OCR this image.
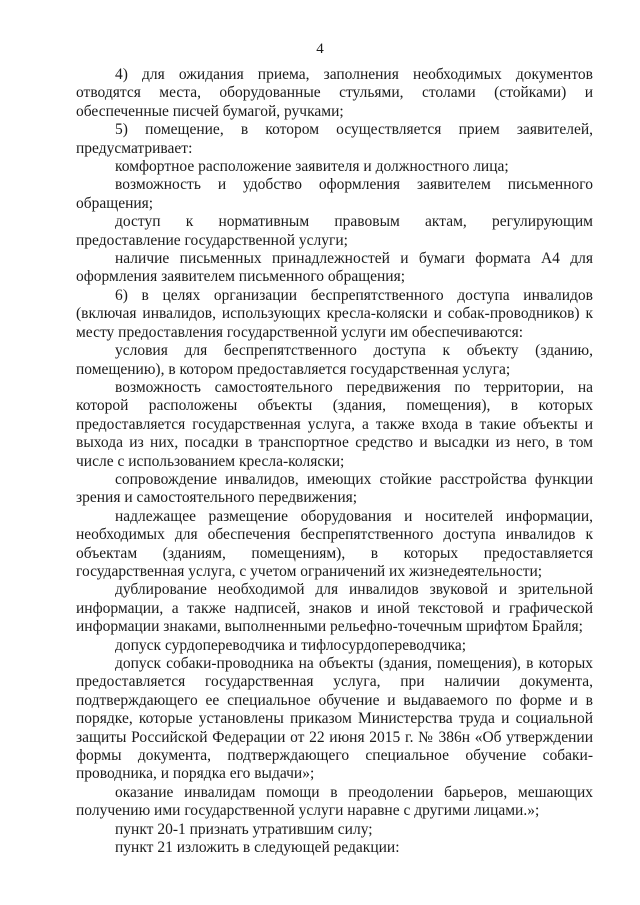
4

4) для ожидания приема, заполнения необходимых документов отводятся места, оборудованные стульями, столами (стойками) и обеспеченные писчей бумагой, ручками;

5) помещение, в котором осуществляется прием заявителей, предусматривает:

комфортное расположение заявителя и должностного лица;

возможность и удобство оформления заявителем письменного обращения;

доступ к нормативным правовым актам, регулирующим предоставление государственной услуги;

наличие письменных принадлежностей и бумаги формата А4 для оформления заявителем письменного обращения;

6) в целях организации беспрепятственного доступа инвалидов (включая инвалидов, использующих кресла-коляски и собак-проводников) к месту предоставления государственной услуги им обеспечиваются:

условия для беспрепятственного доступа к объекту (зданию, помещению), в котором предоставляется государственная услуга;

возможность самостоятельного передвижения по территории, на которой расположены объекты (здания, помещения), в которых предоставляется государственная услуга, а также входа в такие объекты и выхода из них, посадки в транспортное средство и высадки из него, в том числе с использованием кресла-коляски;

сопровождение инвалидов, имеющих стойкие расстройства функции зрения и самостоятельного передвижения;

надлежащее размещение оборудования и носителей информации, необходимых для обеспечения беспрепятственного доступа инвалидов к объектам (зданиям, помещениям), в которых предоставляется государственная услуга, с учетом ограничений их жизнедеятельности;

дублирование необходимой для инвалидов звуковой и зрительной информации, а также надписей, знаков и иной текстовой и графической информации знаками, выполненными рельефно-точечным шрифтом Брайля;

допуск сурдопереводчика и тифлосурдопереводчика;

допуск собаки-проводника на объекты (здания, помещения), в которых предоставляется государственная услуга, при наличии документа, подтверждающего ее специальное обучение и выдаваемого по форме и в порядке, которые установлены приказом Министерства труда и социальной защиты Российской Федерации от 22 июня 2015 г. № 386н «Об утверждении формы документа, подтверждающего специальное обучение собаки-проводника, и порядка его выдачи»;

оказание инвалидам помощи в преодолении барьеров, мешающих получению ими государственной услуги наравне с другими лицами.»;

пункт 20-1 признать утратившим силу;

пункт 21 изложить в следующей редакции:
